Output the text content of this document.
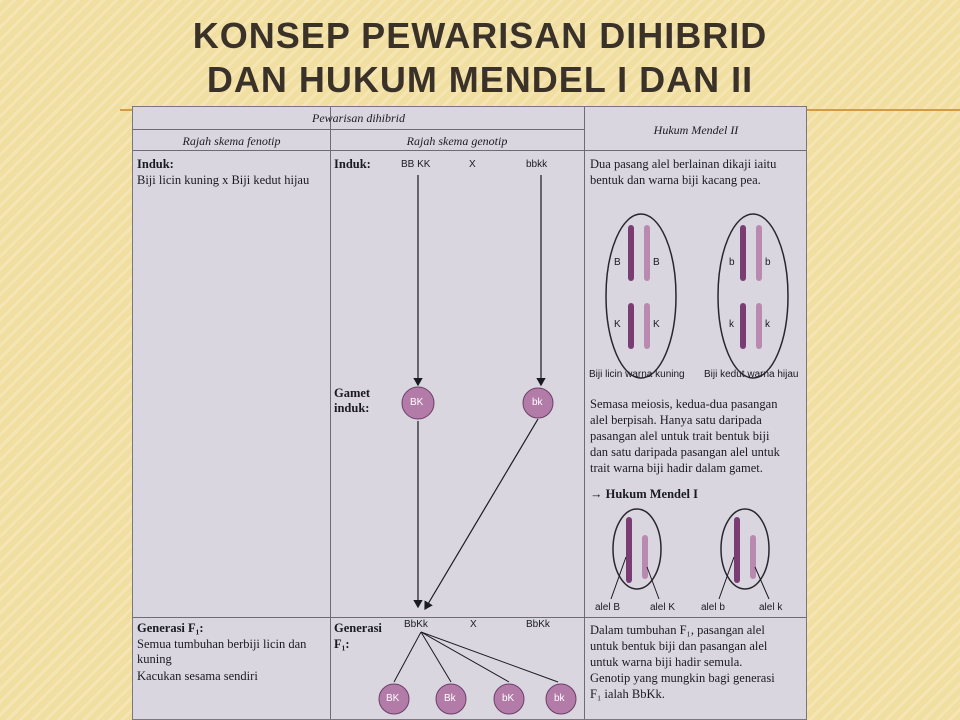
KONSEP PEWARISAN DIHIBRID
DAN HUKUM MENDEL I DAN II
Pewarisan dihibrid
Rajah skema fenotip	Rajah skema genotip
Hukum Mendel II
Induk:
Biji licin kuning x Biji kedut hijau
Generasi F₁:
Semua tumbuhan berbiji licin dan
kuning
Kacukan sesama sendiri
Induk:	BB KK	X	bbkk
Gamet
induk:	BK	bk
Generasi
F₁:
BbKk	X	BbKk
BK	Bk	bK	bk
Dua pasang alel berlainan dikaji iaitu
bentuk dan warna biji kacang pea.
B	B
K	K
b	b
k	k
Biji licin warna kuning Biji kedut warna hijau
Semasa meiosis, kedua-dua pasangan
alel berpisah. Hanya satu daripada
pasangan alel untuk trait bentuk biji
dan satu daripada pasangan alel untuk
trait warna biji hadir dalam gamet.
→ Hukum Mendel I
alel B	alel K	alel b	alel k
Dalam tumbuhan F₁, pasangan alel
untuk bentuk biji dan pasangan alel
untuk warna biji hadir semula.
Genotip yang mungkin bagi generasi
F₁ ialah BbKk.
